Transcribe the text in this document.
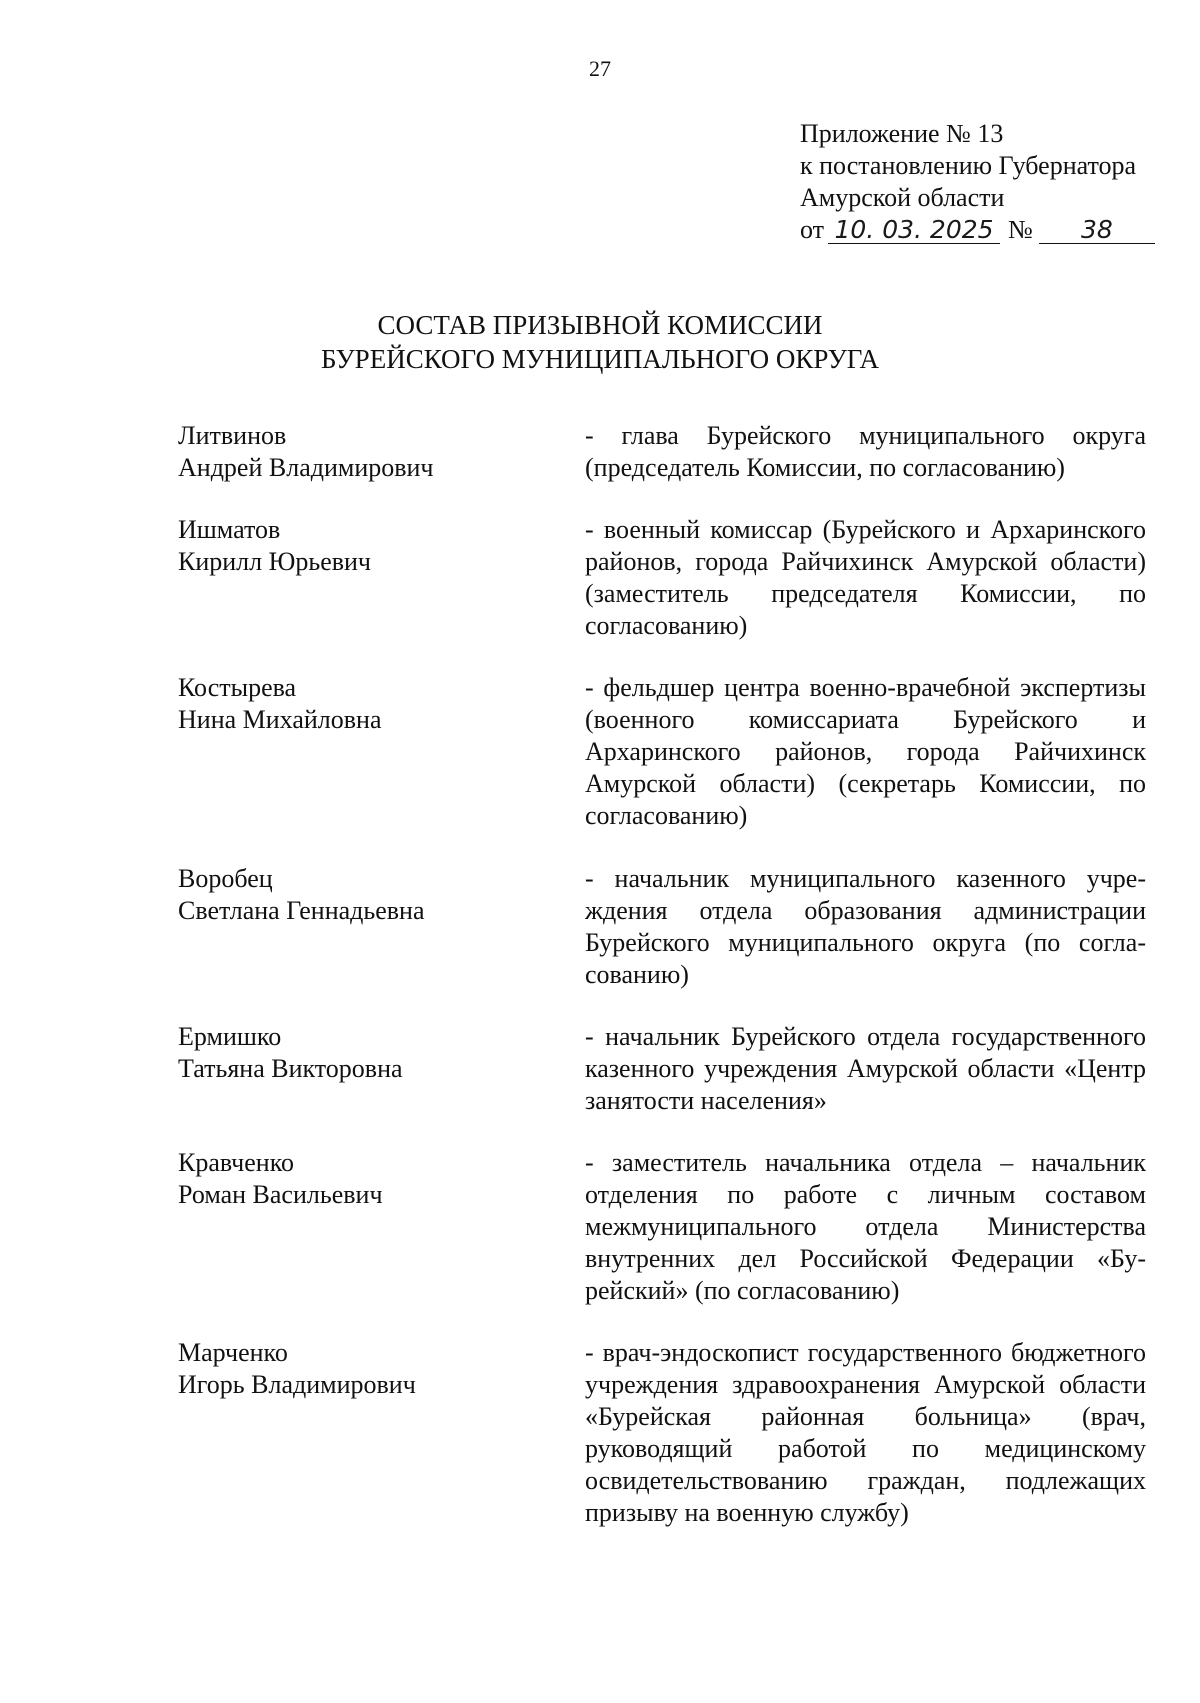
27
Приложение № 13
к постановлению Губернатора
Амурской области
от 10. 03. 2025 №	38
СОСТАВ ПРИЗЫВНОЙ КОМИССИИ
БУРЕЙСКОГО МУНИЦИПАЛЬНОГО ОКРУГА
Литвинов
Андрей Владимирович
- глава Бурейского муниципального округа (председатель Комиссии, по согласованию)
Ишматов
Кирилл Юрьевич
- военный комиссар (Бурейского и Архаринского районов, города Райчихинск Амурской области) (заместитель председателя Комиссии, по согласованию)
Костырева
Нина Михайловна
- фельдшер центра военно-врачебной экспертизы (военного комиссариата Бурейского и Архаринского районов, города Райчихинск Амурской области) (секретарь Комиссии, по согласованию)
Воробец
Светлана Геннадьевна
- начальник муниципального казенного учреждения отдела образования администрации Бурейского муниципального округа (по согласованию)
Ермишко
Татьяна Викторовна
- начальник Бурейского отдела государственного казенного учреждения Амурской области «Центр занятости населения»
Кравченко
Роман Васильевич
- заместитель начальника отдела – начальник отделения по работе с личным составом межмуниципального отдела Министерства внутренних дел Российской Федерации «Бурейский» (по согласованию)
Марченко
Игорь Владимирович
- врач-эндоскопист государственного бюджетного учреждения здравоохранения Амурской области «Бурейская районная больница» (врач, руководящий работой по медицинскому освидетельствованию граждан, подлежащих призыву на военную службу)
